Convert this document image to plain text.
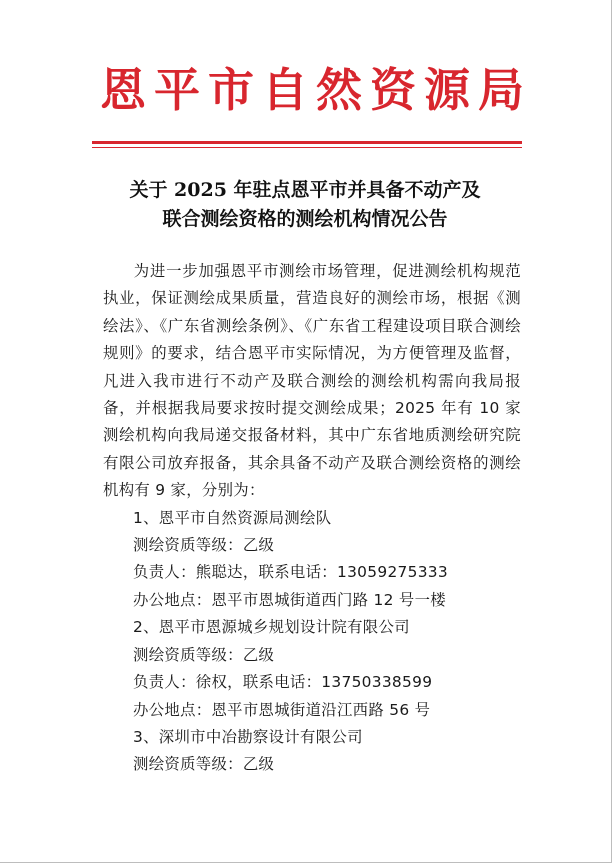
恩平市自然资源局
关于 2025 年驻点恩平市并具备不动产及
联合测绘资格的测绘机构情况公告

为进一步加强恩平市测绘市场管理，促进测绘机构规范执业，保证测绘成果质量，营造良好的测绘市场，根据《测绘法》、《广东省测绘条例》、《广东省工程建设项目联合测绘规则》的要求，结合恩平市实际情况，为方便管理及监督，凡进入我市进行不动产及联合测绘的测绘机构需向我局报备，并根据我局要求按时提交测绘成果；2025 年有 10 家测绘机构向我局递交报备材料，其中广东省地质测绘研究院有限公司放弃报备，其余具备不动产及联合测绘资格的测绘机构有 9 家，分别为：

1、恩平市自然资源局测绘队

测绘资质等级：乙级

负责人：熊聪达，联系电话：13059275333

办公地点：恩平市恩城街道西门路 12 号一楼

2、恩平市恩源城乡规划设计院有限公司

测绘资质等级：乙级

负责人：徐权，联系电话：13750338599

办公地点：恩平市恩城街道沿江西路 56 号

3、深圳市中冶勘察设计有限公司

测绘资质等级：乙级
